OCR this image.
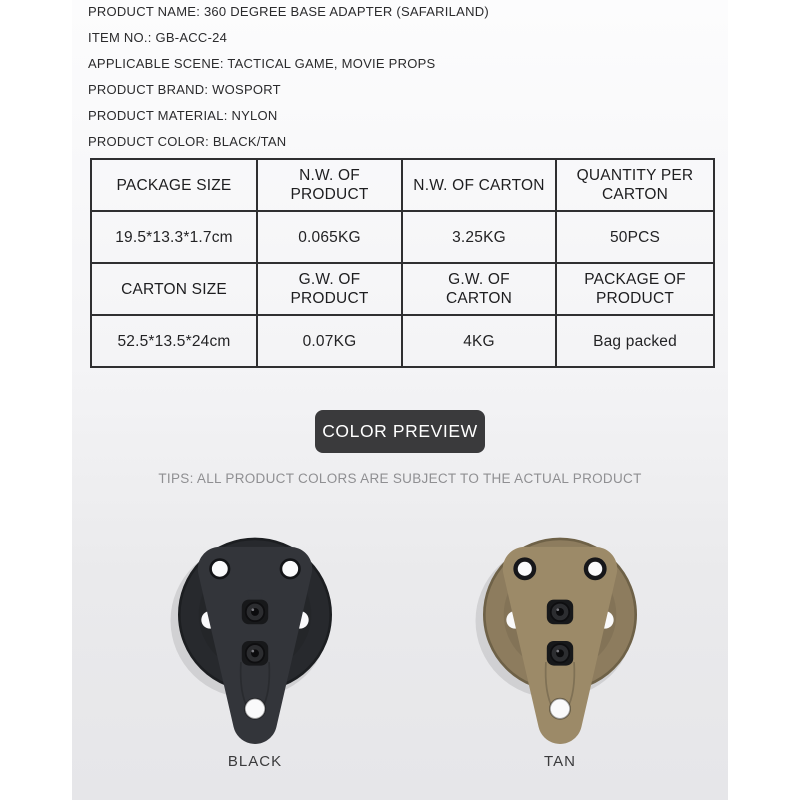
PRODUCT NAME: 360 DEGREE BASE ADAPTER (SAFARILAND)
ITEM NO.: GB-ACC-24
APPLICABLE SCENE: TACTICAL GAME, MOVIE PROPS
PRODUCT BRAND: WOSPORT
PRODUCT MATERIAL: NYLON
PRODUCT COLOR: BLACK/TAN
PACKAGE SIZE	N.W. OF PRODUCT	N.W. OF CARTON	QUANTITY PER CARTON
19.5*13.3*1.7cm	0.065KG	3.25KG	50PCS
CARTON SIZE	G.W. OF PRODUCT	G.W. OF CARTON	PACKAGE OF PRODUCT
52.5*13.5*24cm	0.07KG	4KG	Bag packed
COLOR PREVIEW
TIPS: ALL PRODUCT COLORS ARE SUBJECT TO THE ACTUAL PRODUCT
BLACK	TAN
